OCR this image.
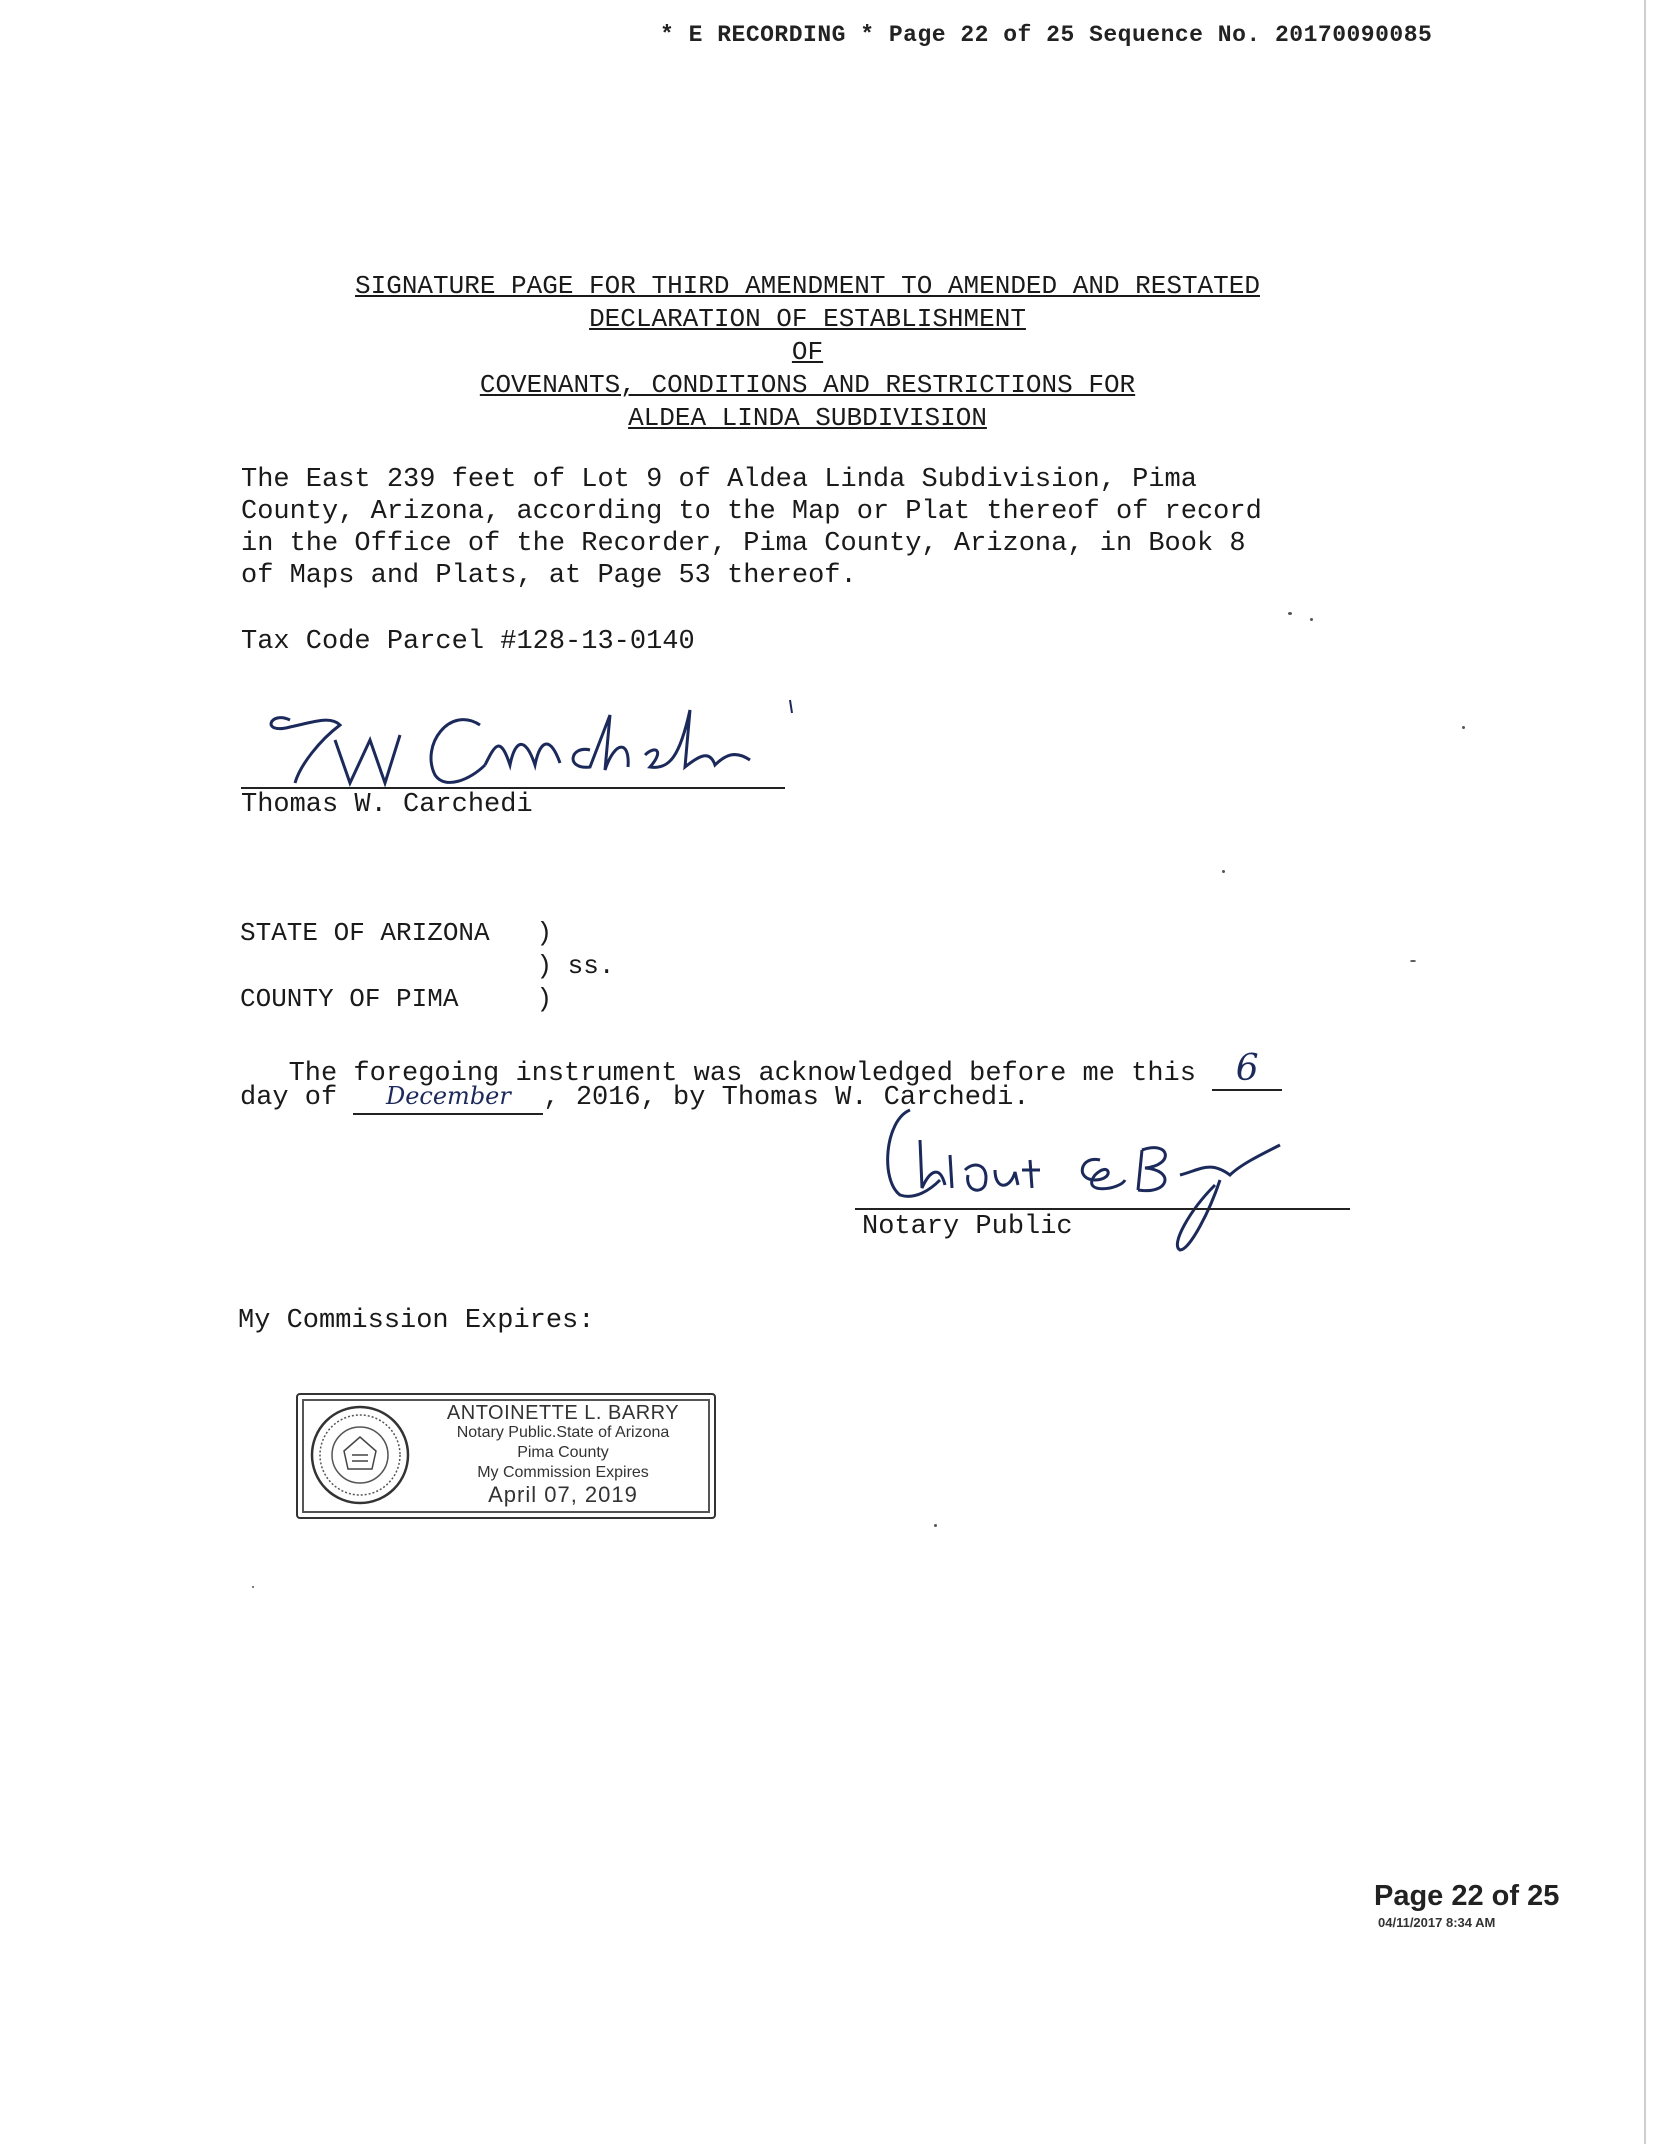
* E RECORDING * Page 22 of 25 Sequence No. 20170090085
SIGNATURE PAGE FOR THIRD AMENDMENT TO AMENDED AND RESTATED
DECLARATION OF ESTABLISHMENT
OF
COVENANTS, CONDITIONS AND RESTRICTIONS FOR
ALDEA LINDA SUBDIVISION
The East 239 feet of Lot 9 of Aldea Linda Subdivision, Pima
County, Arizona, according to the Map or Plat thereof of record
in the Office of the Recorder, Pima County, Arizona, in Book 8
of Maps and Plats, at Page 53 thereof.
Tax Code Parcel #128-13-0140
Thomas W. Carchedi
STATE OF ARIZONA   )
) ss.
COUNTY OF PIMA     )
The foregoing instrument was acknowledged before me this 6
day of December , 2016, by Thomas W. Carchedi.
Notary Public
My Commission Expires:
ANTOINETTE L. BARRY
Notary Public.State of Arizona
Pima County
My Commission Expires
April 07, 2019
Page 22 of 25
04/11/2017 8:34 AM
